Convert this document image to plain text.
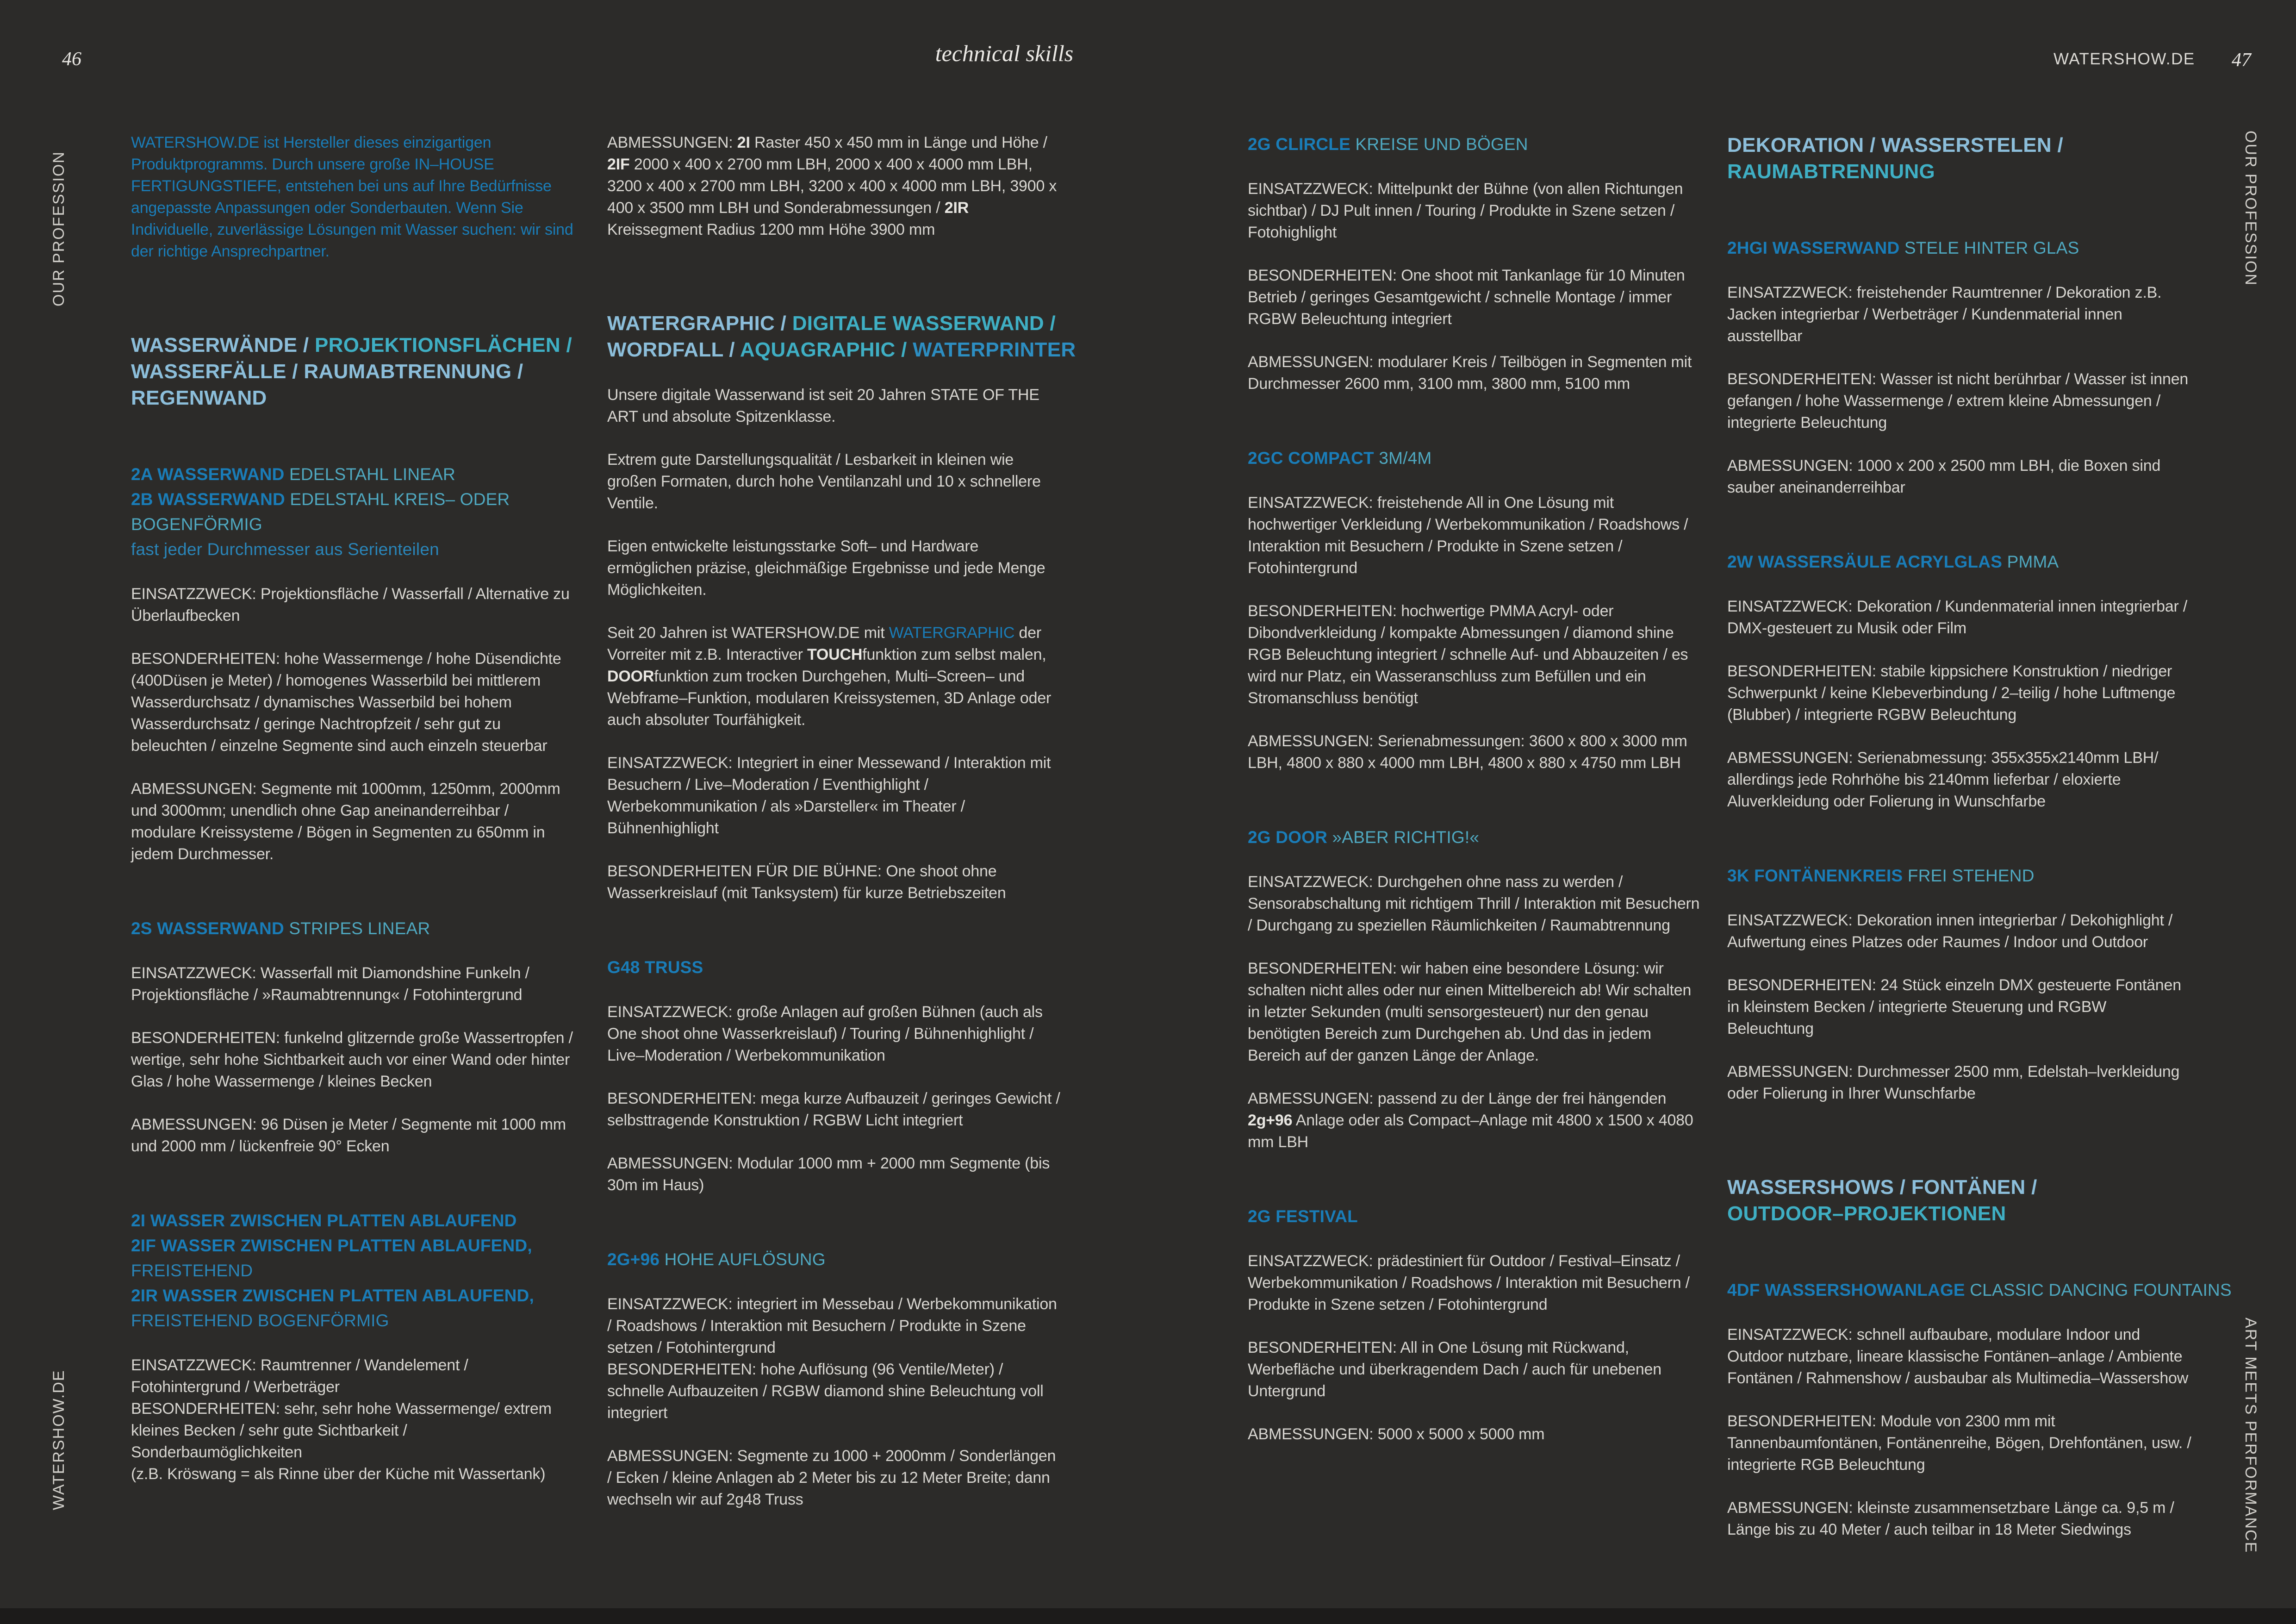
46	technical skills	WATERSHOW.DE 47
OUR PROFESSION
WATERSHOW.DE
OUR PROFESSION
ART MEETS PERFORMANCE

WATERSHOW.DE ist Hersteller dieses einzigartigen Produktprogramms. Durch unsere große IN–HOUSE FERTIGUNGSTIEFE, entstehen bei uns auf Ihre Bedürfnisse angepasste Anpassungen oder Sonderbauten. Wenn Sie Individuelle, zuverlässige Lösungen mit Wasser suchen: wir sind der richtige Ansprechpartner.

WASSERWÄNDE / PROJEKTIONSFLÄCHEN /
WASSERFÄLLE / RAUMABTRENNUNG /
REGENWAND
2A WASSERWAND EDELSTAHL LINEAR
2B WASSERWAND EDELSTAHL KREIS– ODER
BOGENFÖRMIG
fast jeder Durchmesser aus Serienteilen

EINSATZZWECK: Projektionsfläche / Wasserfall / Alternative zu Überlaufbecken

BESONDERHEITEN: hohe Wassermenge / hohe Düsendichte (400Düsen je Meter) / homogenes Wasserbild bei mittlerem Wasserdurchsatz / dynamisches Wasserbild bei hohem Wasserdurchsatz / geringe Nachtropfzeit / sehr gut zu beleuchten / einzelne Segmente sind auch einzeln steuerbar

ABMESSUNGEN: Segmente mit 1000mm, 1250mm, 2000mm und 3000mm; unendlich ohne Gap aneinanderreihbar / modulare Kreissysteme / Bögen in Segmenten zu 650mm in jedem Durchmesser.

2S WASSERWAND STRIPES LINEAR

EINSATZZWECK: Wasserfall mit Diamondshine Funkeln / Projektionsfläche / »Raumabtrennung« / Fotohintergrund

BESONDERHEITEN: funkelnd glitzernde große Wassertropfen / wertige, sehr hohe Sichtbarkeit auch vor einer Wand oder hinter Glas / hohe Wassermenge / kleines Becken

ABMESSUNGEN: 96 Düsen je Meter / Segmente mit 1000 mm und 2000 mm / lückenfreie 90° Ecken

2I WASSER ZWISCHEN PLATTEN ABLAUFEND
2IF WASSER ZWISCHEN PLATTEN ABLAUFEND,
FREISTEHEND
2IR WASSER ZWISCHEN PLATTEN ABLAUFEND,
FREISTEHEND BOGENFÖRMIG

EINSATZZWECK: Raumtrenner / Wandelement / Fotohintergrund / Werbeträger

BESONDERHEITEN: sehr, sehr hohe Wassermenge/ extrem kleines Becken / sehr gute Sichtbarkeit / Sonderbaumöglichkeiten

(z.B. Kröswang = als Rinne über der Küche mit Wassertank)

ABMESSUNGEN: 2I Raster 450 x 450 mm in Länge und Höhe / 2IF 2000 x 400 x 2700 mm LBH, 2000 x 400 x 4000 mm LBH, 3200 x 400 x 2700 mm LBH, 3200 x 400 x 4000 mm LBH, 3900 x 400 x 3500 mm LBH und Sonderabmessungen / 2IR Kreissegment Radius 1200 mm Höhe 3900 mm

WATERGRAPHIC / DIGITALE WASSERWAND /
WORDFALL / AQUAGRAPHIC / WATERPRINTER

Unsere digitale Wasserwand ist seit 20 Jahren STATE OF THE ART und absolute Spitzenklasse.

Extrem gute Darstellungsqualität / Lesbarkeit in kleinen wie großen Formaten, durch hohe Ventilanzahl und 10 x schnellere Ventile.

Eigen entwickelte leistungsstarke Soft– und Hardware ermöglichen präzise, gleichmäßige Ergebnisse und jede Menge Möglichkeiten.

Seit 20 Jahren ist WATERSHOW.DE mit WATERGRAPHIC der Vorreiter mit z.B. Interactiver TOUCHfunktion zum selbst malen, DOORfunktion zum trocken Durchgehen, Multi–Screen– und Webframe–Funktion, modularen Kreissystemen, 3D Anlage oder auch absoluter Tourfähigkeit.

EINSATZZWECK: Integriert in einer Messewand / Interaktion mit Besuchern / Live–Moderation / Eventhighlight / Werbekommunikation / als »Darsteller« im Theater / Bühnenhighlight

BESONDERHEITEN FÜR DIE BÜHNE: One shoot ohne Wasserkreislauf (mit Tanksystem) für kurze Betriebszeiten

G48 TRUSS

EINSATZZWECK: große Anlagen auf großen Bühnen (auch als One shoot ohne Wasserkreislauf) / Touring / Bühnenhighlight / Live–Moderation / Werbekommunikation

BESONDERHEITEN: mega kurze Aufbauzeit / geringes Gewicht / selbsttragende Konstruktion / RGBW Licht integriert

ABMESSUNGEN: Modular 1000 mm + 2000 mm Segmente (bis 30m im Haus)

2G+96 HOHE AUFLÖSUNG

EINSATZZWECK: integriert im Messebau / Werbekommunikation / Roadshows / Interaktion mit Besuchern / Produkte in Szene setzen / Fotohintergrund

BESONDERHEITEN: hohe Auflösung (96 Ventile/Meter) / schnelle Aufbauzeiten / RGBW diamond shine Beleuchtung voll integriert

ABMESSUNGEN: Segmente zu 1000 + 2000mm / Sonderlängen / Ecken / kleine Anlagen ab 2 Meter bis zu 12 Meter Breite; dann wechseln wir auf 2g48 Truss

2G CLIRCLE KREISE UND BÖGEN

EINSATZZWECK: Mittelpunkt der Bühne (von allen Richtungen sichtbar) / DJ Pult innen / Touring / Produkte in Szene setzen / Fotohighlight

BESONDERHEITEN: One shoot mit Tankanlage für 10 Minuten Betrieb / geringes Gesamtgewicht / schnelle Montage / immer RGBW Beleuchtung integriert

ABMESSUNGEN: modularer Kreis / Teilbögen in Segmenten mit Durchmesser 2600 mm, 3100 mm, 3800 mm, 5100 mm

2GC COMPACT 3M/4M

EINSATZZWECK: freistehende All in One Lösung mit hochwertiger Verkleidung / Werbekommunikation / Roadshows / Interaktion mit Besuchern / Produkte in Szene setzen / Fotohintergrund

BESONDERHEITEN: hochwertige PMMA Acryl- oder Dibondverkleidung / kompakte Abmessungen / diamond shine RGB Beleuchtung integriert / schnelle Auf- und Abbauzeiten / es wird nur Platz, ein Wasseranschluss zum Befüllen und ein Stromanschluss benötigt

ABMESSUNGEN: Serienabmessungen: 3600 x 800 x 3000 mm LBH, 4800 x 880 x 4000 mm LBH, 4800 x 880 x 4750 mm LBH

2G DOOR »ABER RICHTIG!«

EINSATZZWECK: Durchgehen ohne nass zu werden / Sensorabschaltung mit richtigem Thrill / Interaktion mit Besuchern / Durchgang zu speziellen Räumlichkeiten / Raumabtrennung

BESONDERHEITEN: wir haben eine besondere Lösung: wir schalten nicht alles oder nur einen Mittelbereich ab! Wir schalten in letzter Sekunden (multi sensorgesteuert) nur den genau benötigten Bereich zum Durchgehen ab. Und das in jedem Bereich auf der ganzen Länge der Anlage.

ABMESSUNGEN: passend zu der Länge der frei hängenden 2g+96 Anlage oder als Compact–Anlage mit 4800 x 1500 x 4080 mm LBH

2G FESTIVAL

EINSATZZWECK: prädestiniert für Outdoor / Festival–Einsatz / Werbekommunikation / Roadshows / Interaktion mit Besuchern / Produkte in Szene setzen / Fotohintergrund

BESONDERHEITEN: All in One Lösung mit Rückwand, Werbefläche und überkragendem Dach / auch für unebenen Untergrund

ABMESSUNGEN: 5000 x 5000 x 5000 mm

DEKORATION / WASSERSTELEN /
RAUMABTRENNUNG
2HGI WASSERWAND STELE HINTER GLAS

EINSATZZWECK: freistehender Raumtrenner / Dekoration z.B. Jacken integrierbar / Werbeträger / Kundenmaterial innen ausstellbar

BESONDERHEITEN: Wasser ist nicht berührbar / Wasser ist innen gefangen / hohe Wassermenge / extrem kleine Abmessungen / integrierte Beleuchtung

ABMESSUNGEN: 1000 x 200 x 2500 mm LBH, die Boxen sind sauber aneinanderreihbar

2W WASSERSÄULE ACRYLGLAS PMMA

EINSATZZWECK: Dekoration / Kundenmaterial innen integrierbar / DMX-gesteuert zu Musik oder Film

BESONDERHEITEN: stabile kippsichere Konstruktion / niedriger Schwerpunkt / keine Klebeverbindung / 2–teilig / hohe Luftmenge (Blubber) / integrierte RGBW Beleuchtung

ABMESSUNGEN: Serienabmessung: 355x355x2140mm LBH/ allerdings jede Rohrhöhe bis 2140mm lieferbar / eloxierte Aluverkleidung oder Folierung in Wunschfarbe

3K FONTÄNENKREIS FREI STEHEND

EINSATZZWECK: Dekoration innen integrierbar / Dekohighlight / Aufwertung eines Platzes oder Raumes / Indoor und Outdoor

BESONDERHEITEN: 24 Stück einzeln DMX gesteuerte Fontänen in kleinstem Becken / integrierte Steuerung und RGBW Beleuchtung

ABMESSUNGEN: Durchmesser 2500 mm, Edelstah–lverkleidung oder Folierung in Ihrer Wunschfarbe

WASSERSHOWS / FONTÄNEN /
OUTDOOR–PROJEKTIONEN
4DF WASSERSHOWANLAGE CLASSIC DANCING FOUNTAINS

EINSATZZWECK: schnell aufbaubare, modulare Indoor und Outdoor nutzbare, lineare klassische Fontänen–anlage / Ambiente Fontänen / Rahmenshow / ausbaubar als Multimedia–Wassershow

BESONDERHEITEN: Module von 2300 mm mit Tannenbaumfontänen, Fontänenreihe, Bögen, Drehfontänen, usw. / integrierte RGB Beleuchtung

ABMESSUNGEN: kleinste zusammensetzbare Länge ca. 9,5 m / Länge bis zu 40 Meter / auch teilbar in 18 Meter Siedwings
